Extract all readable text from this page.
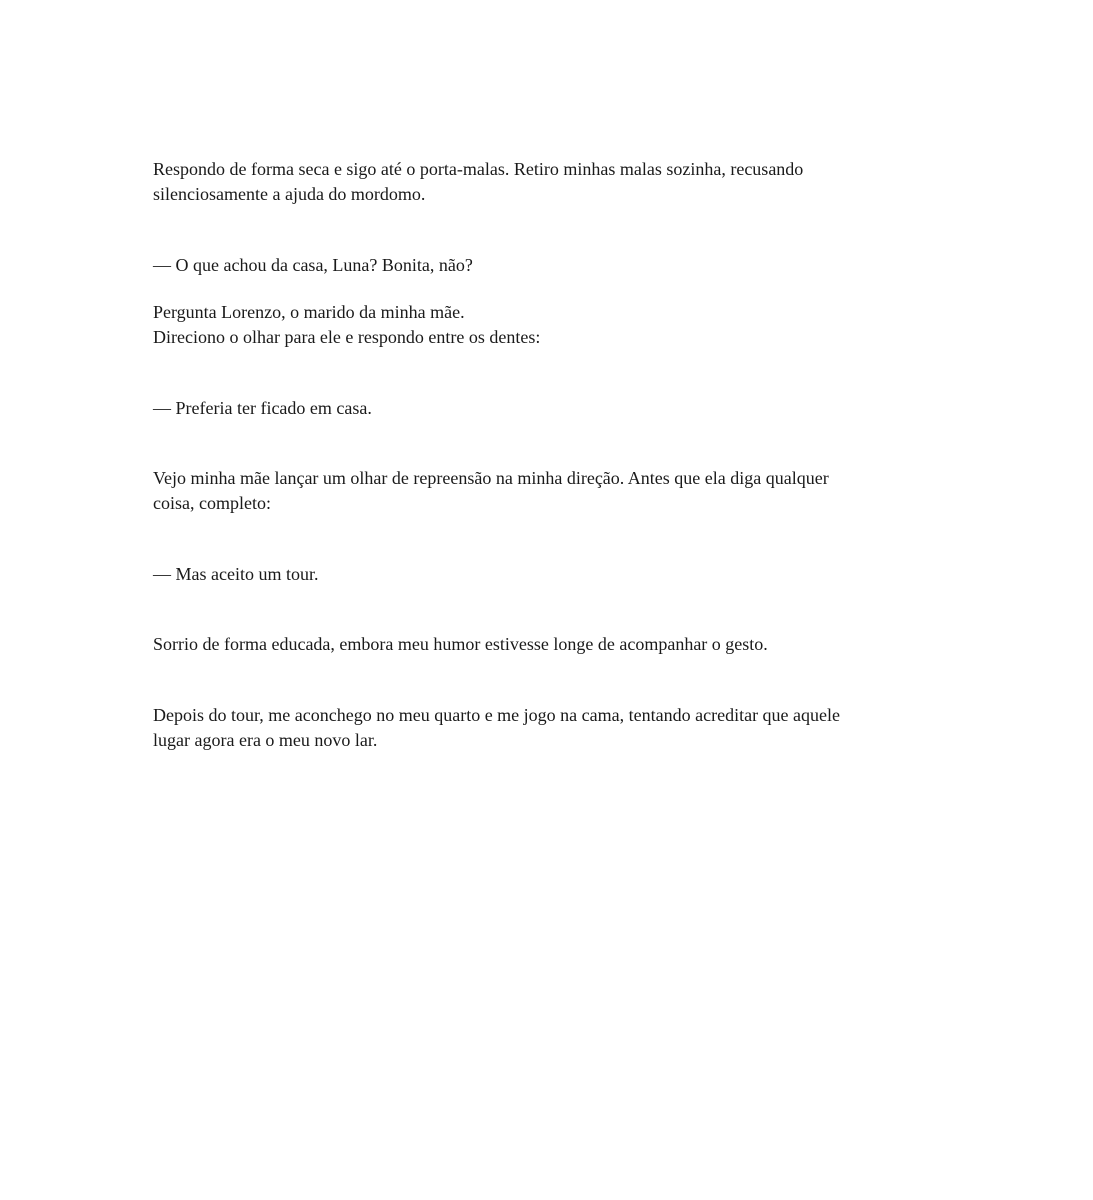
Respondo de forma seca e sigo até o porta-malas. Retiro minhas malas sozinha, recusando
silenciosamente a ajuda do mordomo.

— O que achou da casa, Luna? Bonita, não?

Pergunta Lorenzo, o marido da minha mãe.
Direciono o olhar para ele e respondo entre os dentes:

— Preferia ter ficado em casa.

Vejo minha mãe lançar um olhar de repreensão na minha direção. Antes que ela diga qualquer
coisa, completo:

— Mas aceito um tour.

Sorrio de forma educada, embora meu humor estivesse longe de acompanhar o gesto.

Depois do tour, me aconchego no meu quarto e me jogo na cama, tentando acreditar que aquele
lugar agora era o meu novo lar.
